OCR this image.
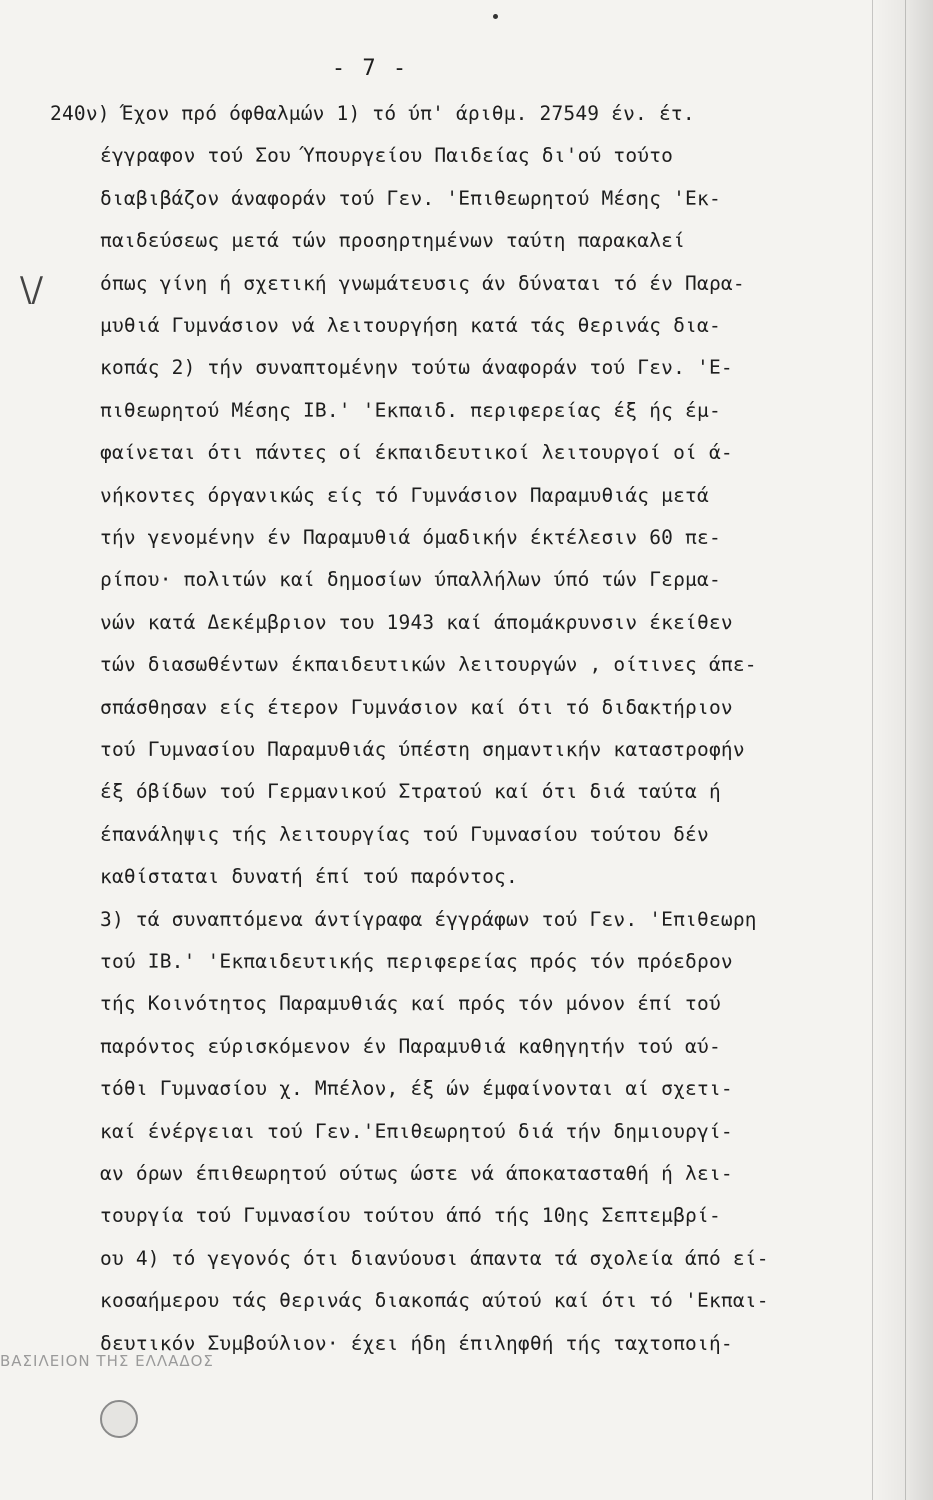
- 7 -
\/
240ν) Έχον πρό όφθαλμών 1) τό ύπ' άριθμ. 27549 έν. έτ.
έγγραφον τού Σου Ύπουργείου Παιδείας δι'ού τούτο
διαβιβάζον άναφοράν τού Γεν. 'Επιθεωρητού Μέσης 'Εκ-
παιδεύσεως μετά τών προσηρτημένων ταύτη παρακαλεί
όπως γίνη ή σχετική γνωμάτευσις άν δύναται τό έν Παρα-
μυθιά Γυμνάσιον νά λειτουργήση κατά τάς θερινάς δια-
κοπάς 2) τήν συναπτομένην τούτω άναφοράν τού Γεν. 'Ε-
πιθεωρητού Μέσης ΙΒ.' 'Εκπαιδ. περιφερείας έξ ής έμ-
φαίνεται ότι πάντες οί έκπαιδευτικοί λειτουργοί οί ά-
νήκοντες όργανικώς είς τό Γυμνάσιον Παραμυθιάς μετά
τήν γενομένην έν Παραμυθιά όμαδικήν έκτέλεσιν 60 πε-
ρίπου· πολιτών καί δημοσίων ύπαλλήλων ύπό τών Γερμα-
νών κατά Δεκέμβριον του 1943 καί άπομάκρυνσιν έκείθεν
τών διασωθέντων έκπαιδευτικών λειτουργών , οίτινες άπε-
σπάσθησαν είς έτερον Γυμνάσιον καί ότι τό διδακτήριον
τού Γυμνασίου Παραμυθιάς ύπέστη σημαντικήν καταστροφήν
έξ όβίδων τού Γερμανικού Στρατού καί ότι διά ταύτα ή
έπανάληψις τής λειτουργίας τού Γυμνασίου τούτου δέν
καθίσταται δυνατή έπί τού παρόντος.
3) τά συναπτόμενα άντίγραφα έγγράφων τού Γεν. 'Επιθεωρη
τού ΙΒ.' 'Εκπαιδευτικής περιφερείας πρός τόν πρόεδρον
τής Κοινότητος Παραμυθιάς καί πρός τόν μόνον έπί τού
παρόντος εύρισκόμενον έν Παραμυθιά καθηγητήν τού αύ-
τόθι Γυμνασίου χ. Μπέλον, έξ ών έμφαίνονται αί σχετι-
καί ένέργειαι τού Γεν.'Επιθεωρητού διά τήν δημιουργί-
αν όρων έπιθεωρητού ούτως ώστε νά άποκατασταθή ή λει-
τουργία τού Γυμνασίου τούτου άπό τής 10ης Σεπτεμβρί-
ου 4) τό γεγονός ότι διανύουσι άπαντα τά σχολεία άπό εί-
κοσαήμερου τάς θερινάς διακοπάς αύτού καί ότι τό 'Εκπαι-
δευτικόν Συμβούλιον· έχει ήδη έπιληφθή τής ταχτοποιή-
ΒΑΣΙΛΕΙΟΝ ΤΗΣ ΕΛΛΑΔΟΣ
